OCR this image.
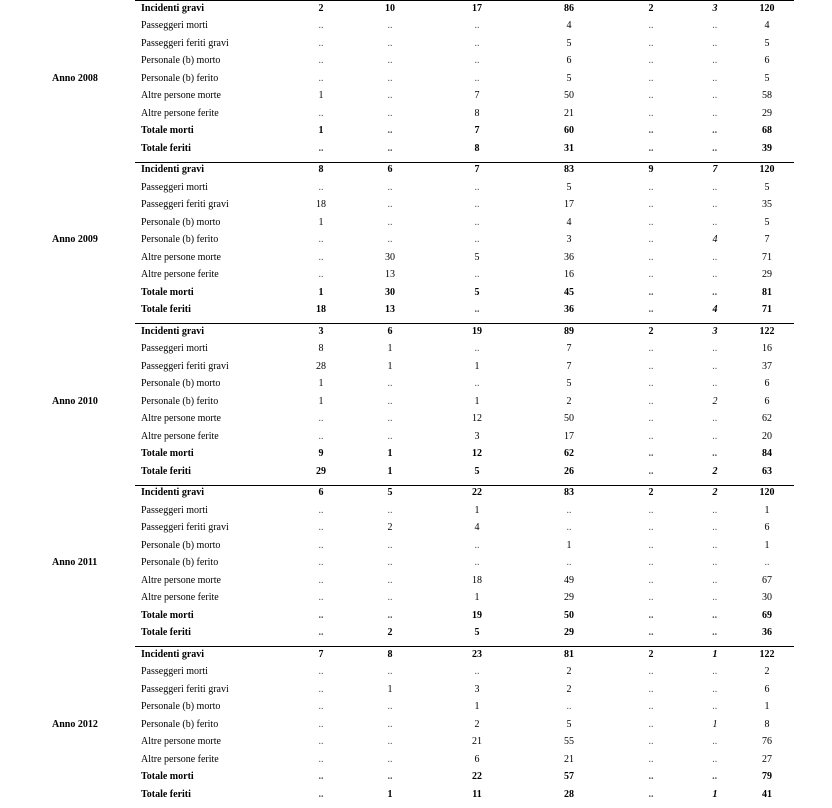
Anno 2008
Incidenti gravi	2	10	17	86	2	3	120
Passeggeri morti	..	..	..	4	..	..	4
Passeggeri feriti gravi	..	..	..	5	..	..	5
Personale (b) morto	..	..	..	6	..	..	6
Personale (b) ferito	..	..	..	5	..	..	5
Altre persone morte	1	..	7	50	..	..	58
Altre persone ferite	..	..	8	21	..	..	29
Totale morti	1	..	7	60	..	..	68
Totale feriti	..	..	8	31	..	..	39
Anno 2009
Incidenti gravi	8	6	7	83	9	7	120
Passeggeri morti	..	..	..	5	..	..	5
Passeggeri feriti gravi	18	..	..	17	..	..	35
Personale (b) morto	1	..	..	4	..	..	5
Personale (b) ferito	..	..	..	3	..	4	7
Altre persone morte	..	30	5	36	..	..	71
Altre persone ferite	..	13	..	16	..	..	29
Totale morti	1	30	5	45	..	..	81
Totale feriti	18	13	..	36	..	4	71
Anno 2010
Incidenti gravi	3	6	19	89	2	3	122
Passeggeri morti	8	1	..	7	..	..	16
Passeggeri feriti gravi	28	1	1	7	..	..	37
Personale (b) morto	1	..	..	5	..	..	6
Personale (b) ferito	1	..	1	2	..	2	6
Altre persone morte	..	..	12	50	..	..	62
Altre persone ferite	..	..	3	17	..	..	20
Totale morti	9	1	12	62	..	..	84
Totale feriti	29	1	5	26	..	2	63
Anno 2011
Incidenti gravi	6	5	22	83	2	2	120
Passeggeri morti	..	..	1	..	..	..	1
Passeggeri feriti gravi	..	2	4	..	..	..	6
Personale (b) morto	..	..	..	1	..	..	1
Personale (b) ferito	..	..	..	..	..	..	..
Altre persone morte	..	..	18	49	..	..	67
Altre persone ferite	..	..	1	29	..	..	30
Totale morti	..	..	19	50	..	..	69
Totale feriti	..	2	5	29	..	..	36
Anno 2012
Incidenti gravi	7	8	23	81	2	1	122
Passeggeri morti	..	..	..	2	..	..	2
Passeggeri feriti gravi	..	1	3	2	..	..	6
Personale (b) morto	..	..	1	..	..	..	1
Personale (b) ferito	..	..	2	5	..	1	8
Altre persone morte	..	..	21	55	..	..	76
Altre persone ferite	..	..	6	21	..	..	27
Totale morti	..	..	22	57	..	..	79
Totale feriti	..	1	11	28	..	1	41
